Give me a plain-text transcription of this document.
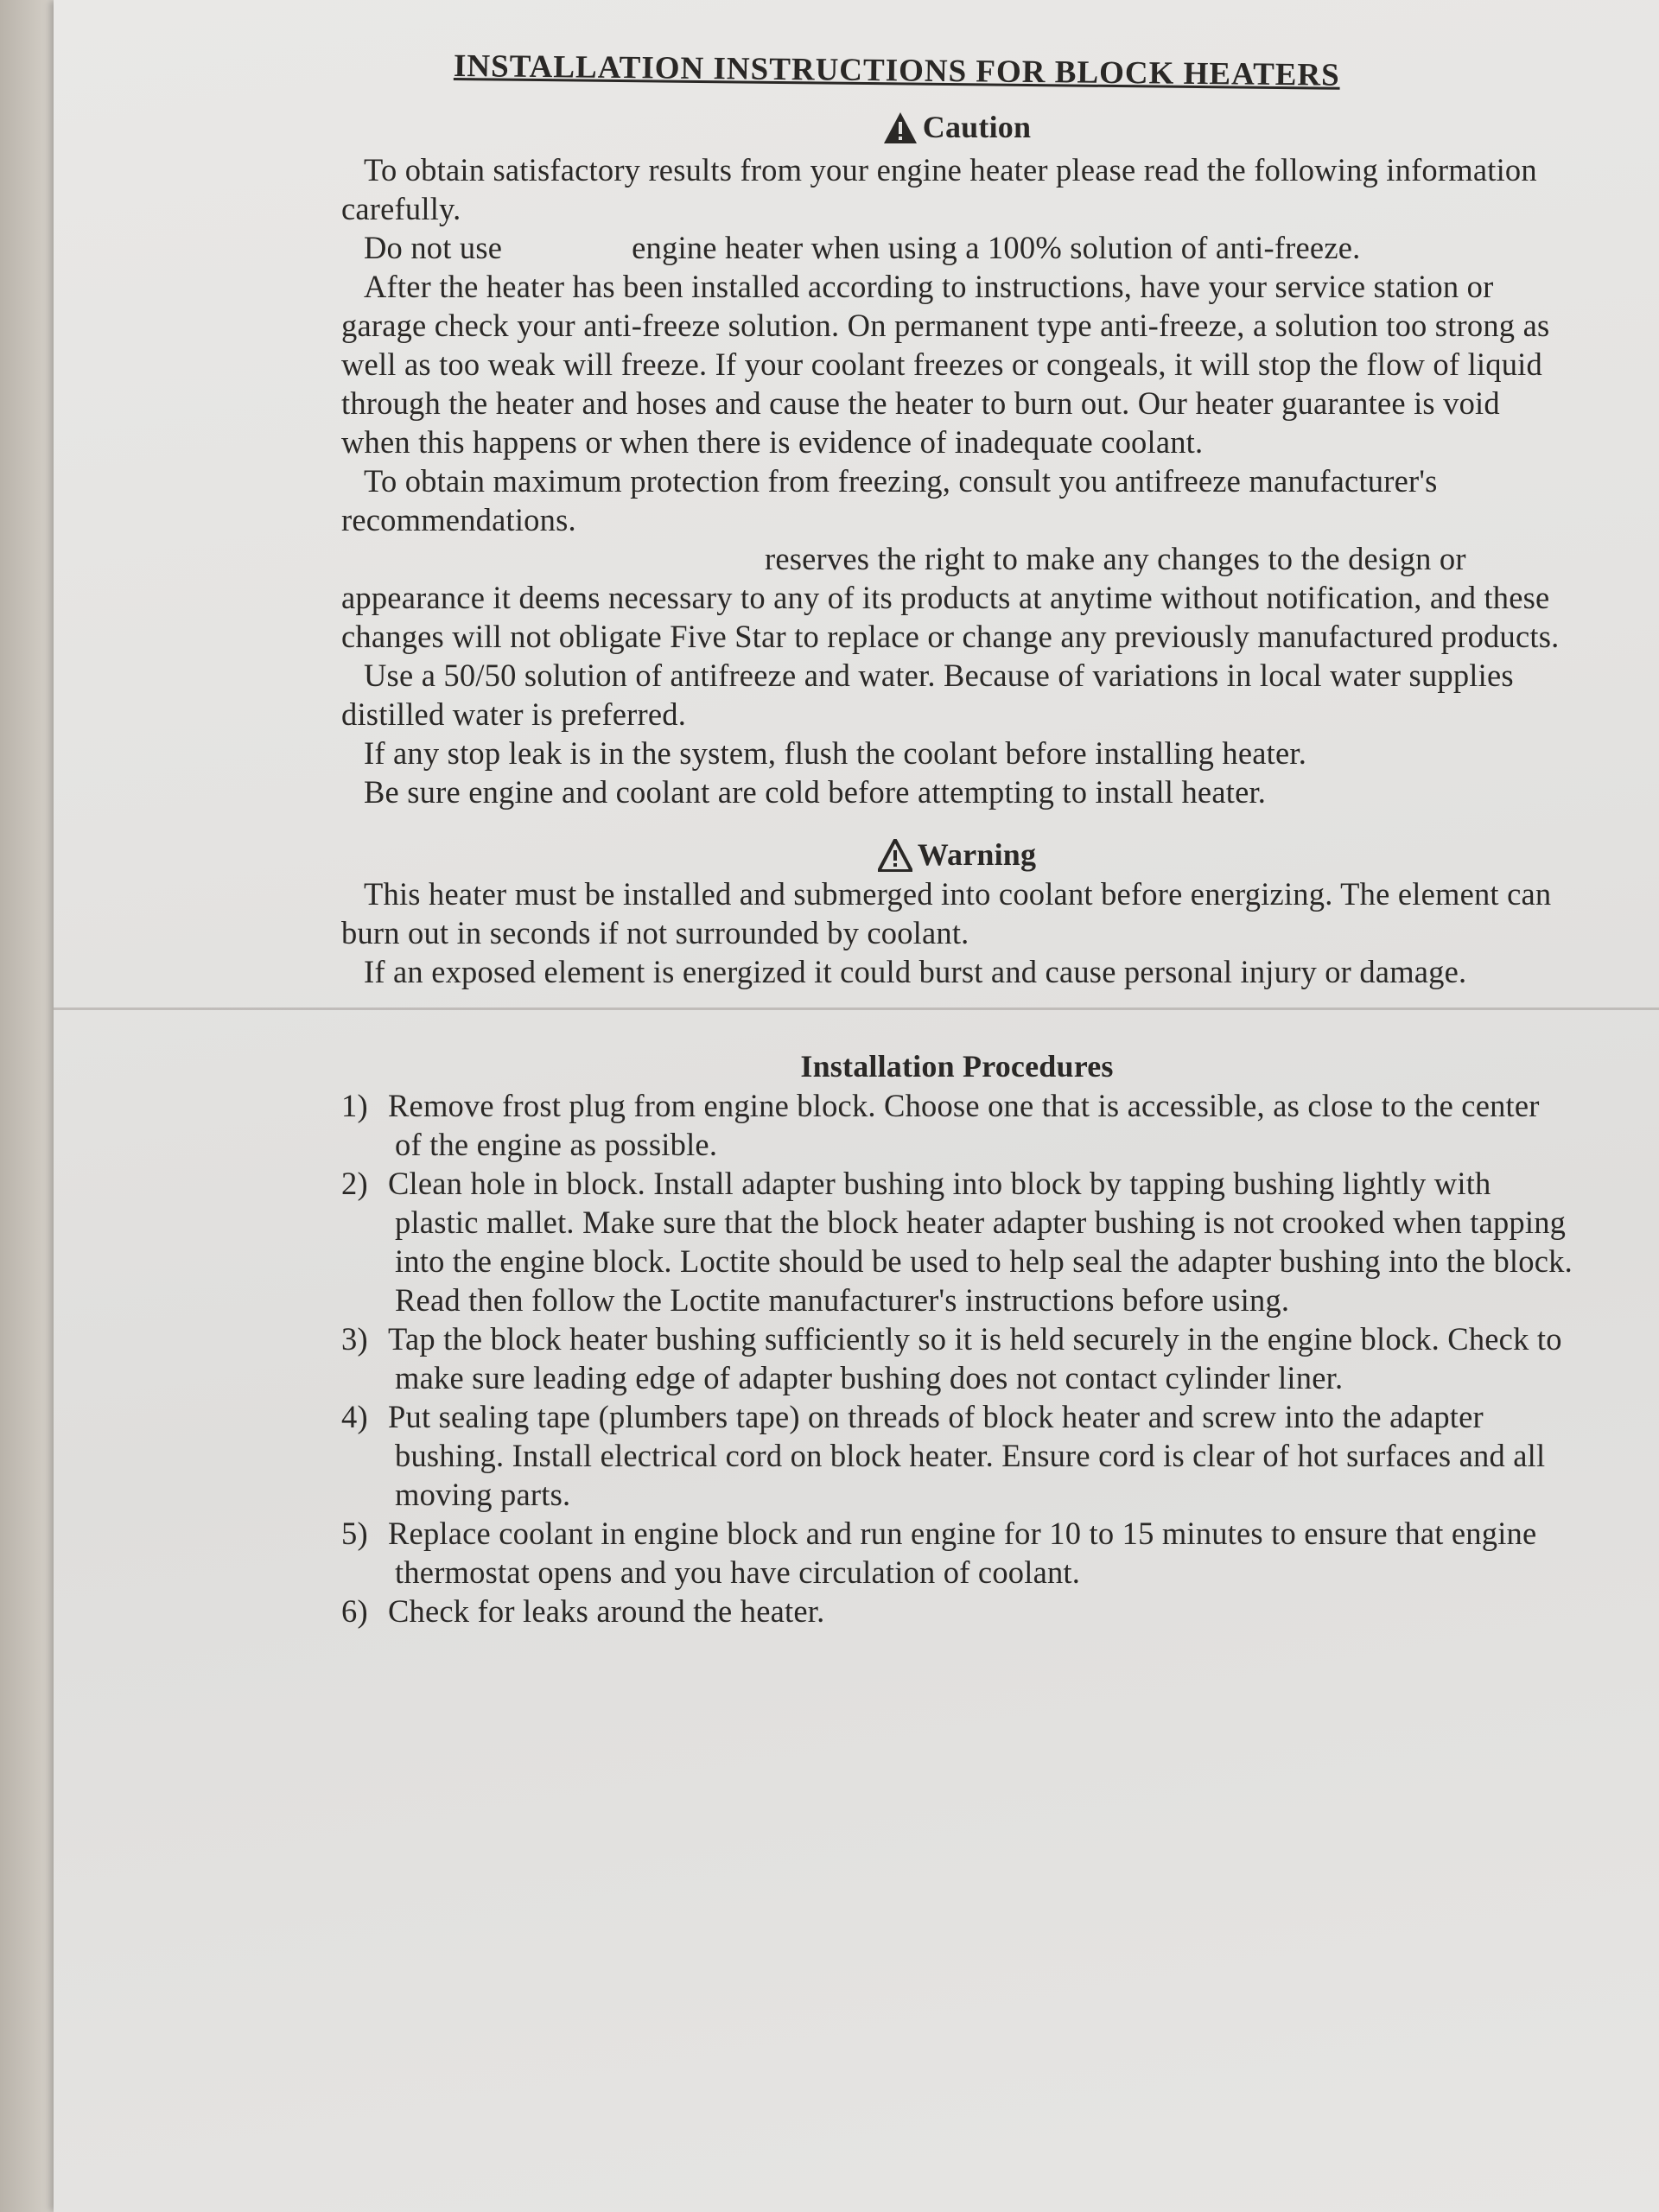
INSTALLATION INSTRUCTIONS FOR BLOCK HEATERS
Caution

To obtain satisfactory results from your engine heater please read the following information carefully.

Do not use	engine heater when using a 100% solution of anti-freeze.

After the heater has been installed according to instructions, have your service station or garage check your anti-freeze solution. On permanent type anti-freeze, a solution too strong as well as too weak will freeze. If your coolant freezes or congeals, it will stop the flow of liquid through the heater and hoses and cause the heater to burn out. Our heater guarantee is void when this happens or when there is evidence of inadequate coolant.

To obtain maximum protection from freezing, consult you antifreeze manufacturer's recommendations.

reserves the right to make any changes to the design or appearance it deems necessary to any of its products at anytime without notification, and these changes will not obligate Five Star to replace or change any previously manufactured products.

Use a 50/50 solution of antifreeze and water. Because of variations in local water supplies distilled water is preferred.

If any stop leak is in the system, flush the coolant before installing heater.

Be sure engine and coolant are cold before attempting to install heater.

Warning

This heater must be installed and submerged into coolant before energizing. The element can burn out in seconds if not surrounded by coolant.

If an exposed element is energized it could burst and cause personal injury or damage.

Installation Procedures
1) Remove frost plug from engine block. Choose one that is accessible, as close to the center of the engine as possible.
2) Clean hole in block. Install adapter bushing into block by tapping bushing lightly with plastic mallet. Make sure that the block heater adapter bushing is not crooked when tapping into the engine block. Loctite should be used to help seal the adapter bushing into the block. Read then follow the Loctite manufacturer's instructions before using.
3) Tap the block heater bushing sufficiently so it is held securely in the engine block. Check to make sure leading edge of adapter bushing does not contact cylinder liner.
4) Put sealing tape (plumbers tape) on threads of block heater and screw into the adapter bushing. Install electrical cord on block heater. Ensure cord is clear of hot surfaces and all moving parts.
5) Replace coolant in engine block and run engine for 10 to 15 minutes to ensure that engine thermostat opens and you have circulation of coolant.
6) Check for leaks around the heater.
